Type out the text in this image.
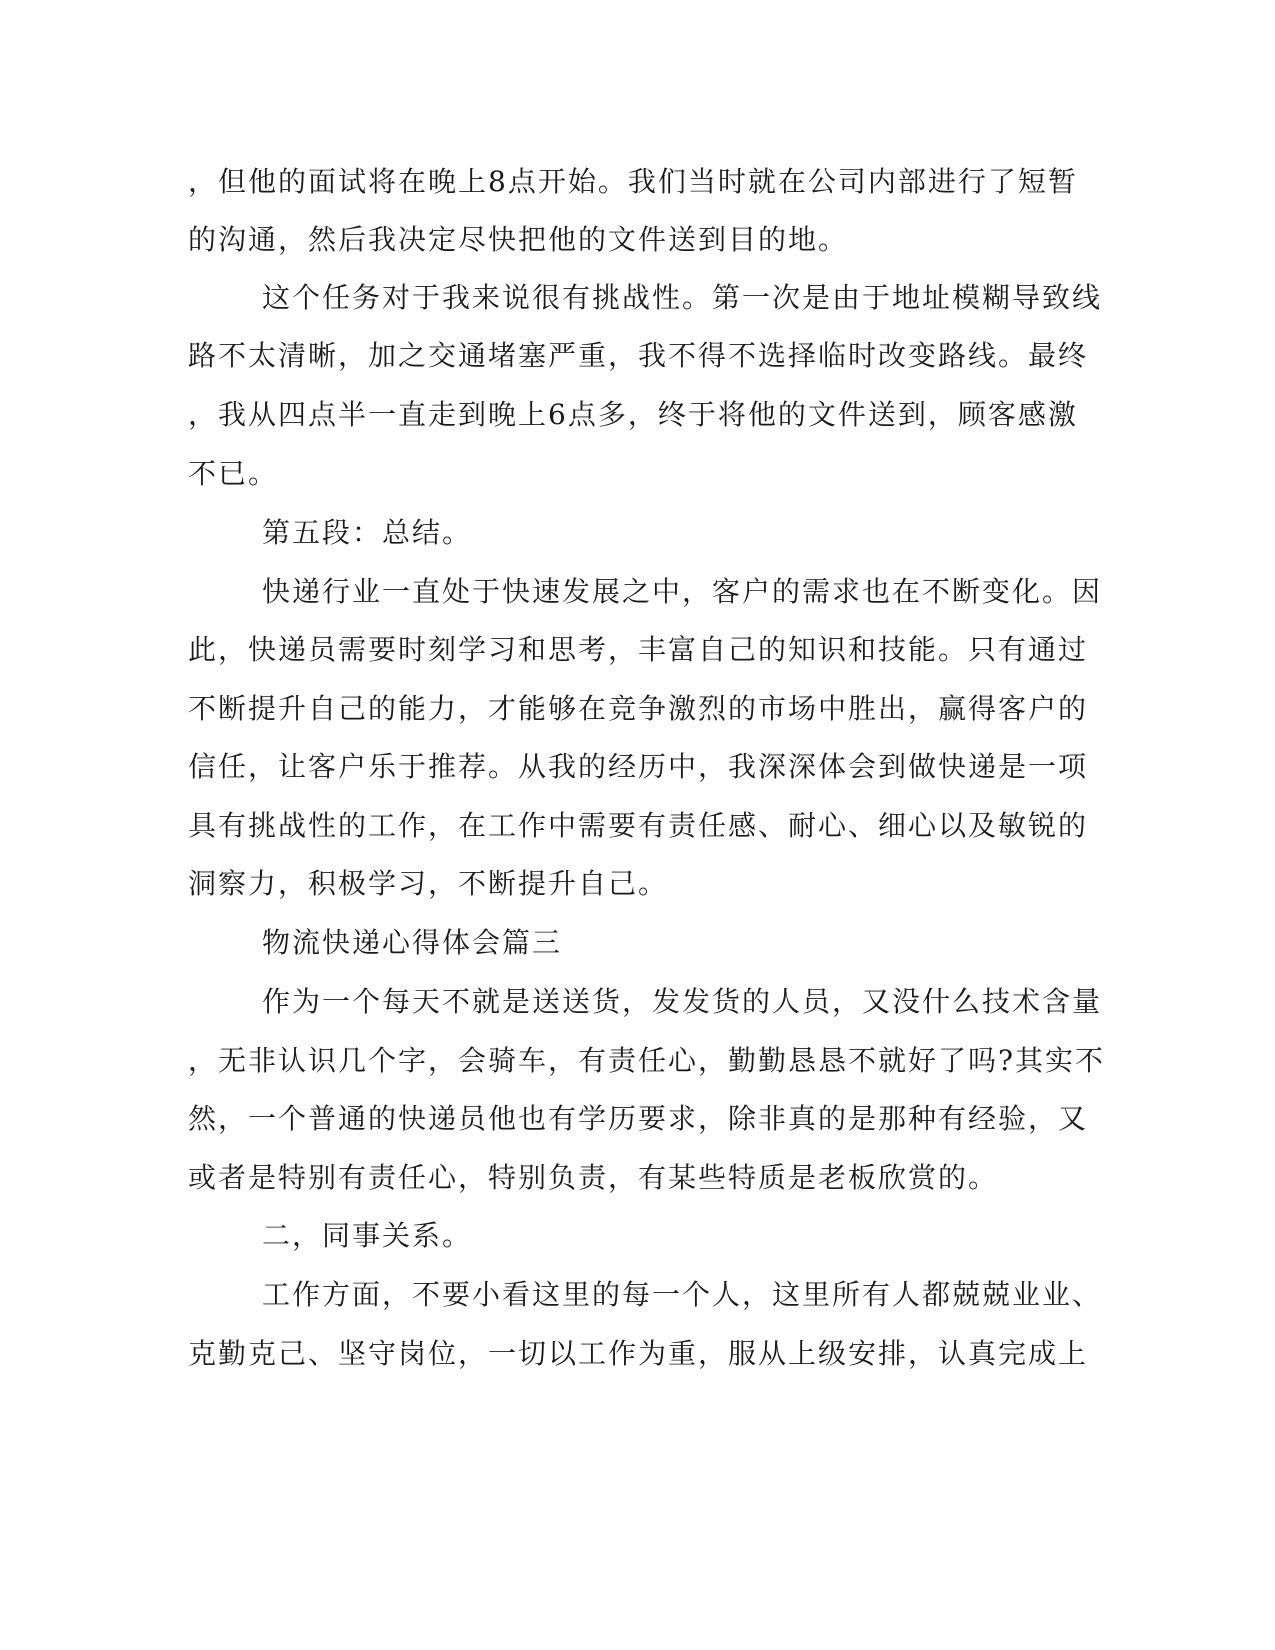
，但他的面试将在晚上8点开始。我们当时就在公司内部进行了短暂

的沟通，然后我决定尽快把他的文件送到目的地。

这个任务对于我来说很有挑战性。第一次是由于地址模糊导致线

路不太清晰，加之交通堵塞严重，我不得不选择临时改变路线。最终

，我从四点半一直走到晚上6点多，终于将他的文件送到，顾客感激

不已。

第五段：总结。

快递行业一直处于快速发展之中，客户的需求也在不断变化。因

此，快递员需要时刻学习和思考，丰富自己的知识和技能。只有通过

不断提升自己的能力，才能够在竞争激烈的市场中胜出，赢得客户的

信任，让客户乐于推荐。从我的经历中，我深深体会到做快递是一项

具有挑战性的工作，在工作中需要有责任感、耐心、细心以及敏锐的

洞察力，积极学习，不断提升自己。

物流快递心得体会篇三

作为一个每天不就是送送货，发发货的人员，又没什么技术含量

，无非认识几个字，会骑车，有责任心，勤勤恳恳不就好了吗?其实不

然，一个普通的快递员他也有学历要求，除非真的是那种有经验，又

或者是特别有责任心，特别负责，有某些特质是老板欣赏的。

二，同事关系。

工作方面，不要小看这里的每一个人，这里所有人都兢兢业业、

克勤克己、坚守岗位，一切以工作为重，服从上级安排，认真完成上
